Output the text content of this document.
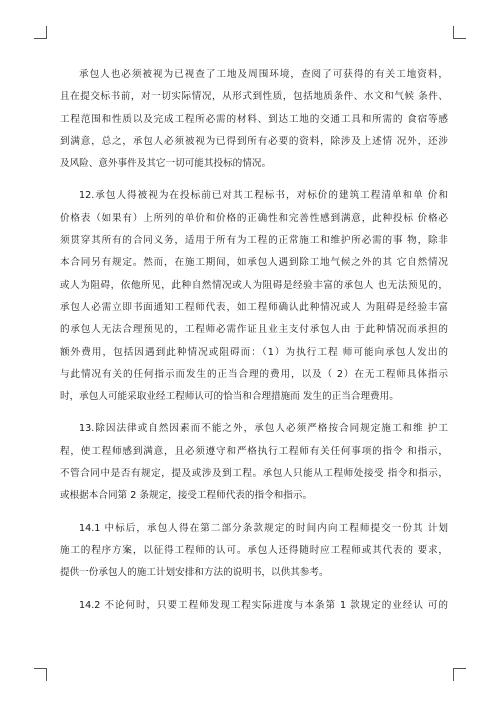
承包人也必须被视为已视查了工地及周围环境，查阅了可获得的有关工地资料，
且在提交标书前，对一切实际情况，从形式到性质，包括地质条件、水文和气候 条件、
工程范围和性质以及完成工程所必需的材料、到达工地的交通工具和所需的 食宿等感
到满意，总之，承包人必须被视为已得到所有必要的资料，除涉及上述情 况外，还涉
及风险、意外事件及其它一切可能其投标的情况。
12.承包人得被视为在投标前已对其工程标书，对标价的建筑工程清单和单 价和
价格表（如果有）上所列的单价和价格的正确性和完善性感到满意，此种投标 价格必
须贯穿其所有的合同义务，适用于所有为工程的正常施工和维护所必需的事 物，除非
本合同另有规定。然而，在施工期间，如承包人遇到除工地气候之外的其 它自然情况
或人为阻碍，依他所见，此种自然情况或人为阻碍是经验丰富的承包人 也无法预见的，
承包人必需立即书面通知工程师代表，如工程师确认此种情况或人 为阻碍是经验丰富
的承包人无法合理预见的，工程师必需作证且业主支付承包人由 于此种情况而承担的
额外费用，包括因遇到此种情况或阻碍而：（1）为执行工程 师可能向承包人发出的
与此情况有关的任何指示而发生的正当合理的费用，以及（ 2）在无工程师具体指示
时，承包人可能采取业经工程师认可的恰当和合理措施而 发生的正当合理费用。
13.除因法律或自然因素而不能之外，承包人必须严格按合同规定施工和维 护工
程，使工程师感到满意，且必须遵守和严格执行工程师有关任何事项的指令 和指示，
不管合同中是否有规定，提及或涉及到工程。承包人只能从工程师处接受 指令和指示，
或根据本合同第 2 条规定，接受工程师代表的指令和指示。
14.1 中标后，承包人得在第二部分条款规定的时间内向工程师提交一份其 计划
施工的程序方案，以征得工程师的认可。承包人还得随时应工程师或其代表的 要求，
提供一份承包人的施工计划安排和方法的说明书，以供其参考。
14.2 不论何时，只要工程师发现工程实际进度与本条第 1 款规定的业经认 可的
